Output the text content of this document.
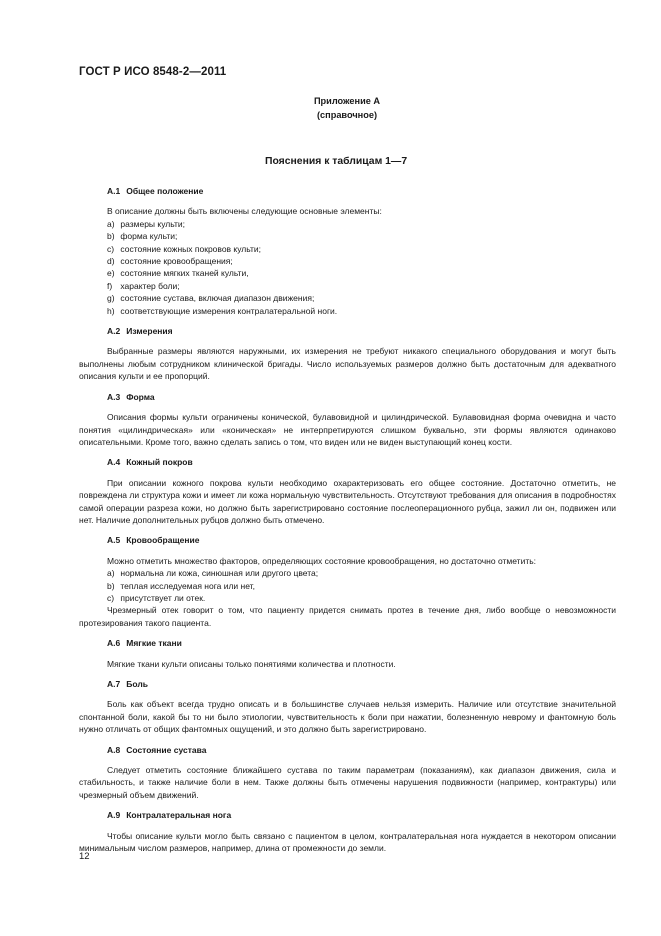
ГОСТ Р ИСО 8548-2—2011
Приложение А
(справочное)
Пояснения к таблицам 1—7
А.1 Общее положение

В описание должны быть включены следующие основные элементы:

a) размеры культи;
b) форма культи;
c) состояние кожных покровов культи;
d) состояние кровообращения;
e) состояние мягких тканей культи,
f) характер боли;
g) состояние сустава, включая диапазон движения;
h) соответствующие измерения контралатеральной ноги.
А.2 Измерения

Выбранные размеры являются наружными, их измерения не требуют никакого специального оборудования и могут быть выполнены любым сотрудником клинической бригады. Число используемых размеров должно быть достаточным для адекватного описания культи и ее пропорций.

А.3 Форма

Описания формы культи ограничены конической, булавовидной и цилиндрической. Булавовидная форма очевидна и часто понятия «цилиндрическая» или «коническая» не интерпретируются слишком буквально, эти формы являются одинаково описательными. Кроме того, важно сделать запись о том, что виден или не виден выступающий конец кости.

А.4 Кожный покров

При описании кожного покрова культи необходимо охарактеризовать его общее состояние. Достаточно отметить, не повреждена ли структура кожи и имеет ли кожа нормальную чувствительность. Отсутствуют требования для описания в подробностях самой операции разреза кожи, но должно быть зарегистрировано состояние послеоперационного рубца, зажил ли он, подвижен или нет. Наличие дополнительных рубцов должно быть отмечено.

А.5 Кровообращение

Можно отметить множество факторов, определяющих состояние кровообращения, но достаточно отметить:

a) нормальна ли кожа, синюшная или другого цвета;
b) теплая исследуемая нога или нет,
c) присутствует ли отек.

Чрезмерный отек говорит о том, что пациенту придется снимать протез в течение дня, либо вообще о невозможности протезирования такого пациента.

А.6 Мягкие ткани

Мягкие ткани культи описаны только понятиями количества и плотности.

А.7 Боль

Боль как объект всегда трудно описать и в большинстве случаев нельзя измерить. Наличие или отсутствие значительной спонтанной боли, какой бы то ни было этиологии, чувствительность к боли при нажатии, болезненную неврому и фантомную боль нужно отличать от общих фантомных ощущений, и это должно быть зарегистрировано.

А.8 Состояние сустава

Следует отметить состояние ближайшего сустава по таким параметрам (показаниям), как диапазон движения, сила и стабильность, и также наличие боли в нем. Также должны быть отмечены нарушения подвижности (например, контрактуры) или чрезмерный объем движений.

А.9 Контралатеральная нога

Чтобы описание культи могло быть связано с пациентом в целом, контралатеральная нога нуждается в некотором описании минимальным числом размеров, например, длина от промежности до земли.

12
